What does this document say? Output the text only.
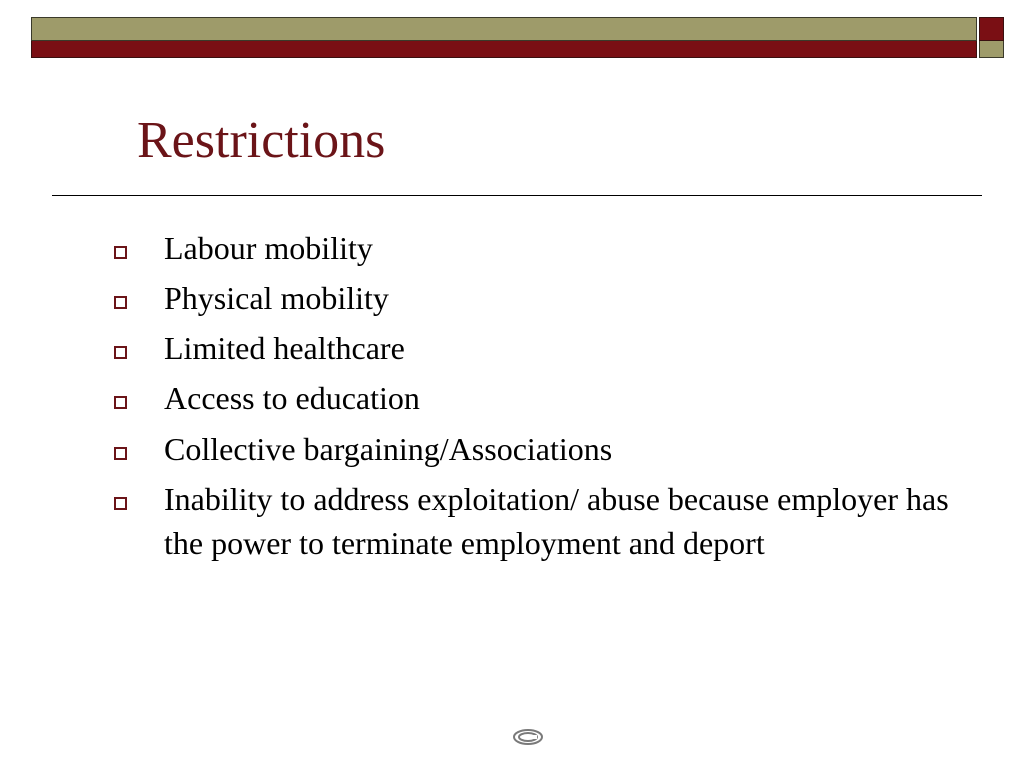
Restrictions
Labour mobility
Physical mobility
Limited healthcare
Access to education
Collective bargaining/Associations
Inability to address exploitation/ abuse because employer has the power to terminate employment and deport
